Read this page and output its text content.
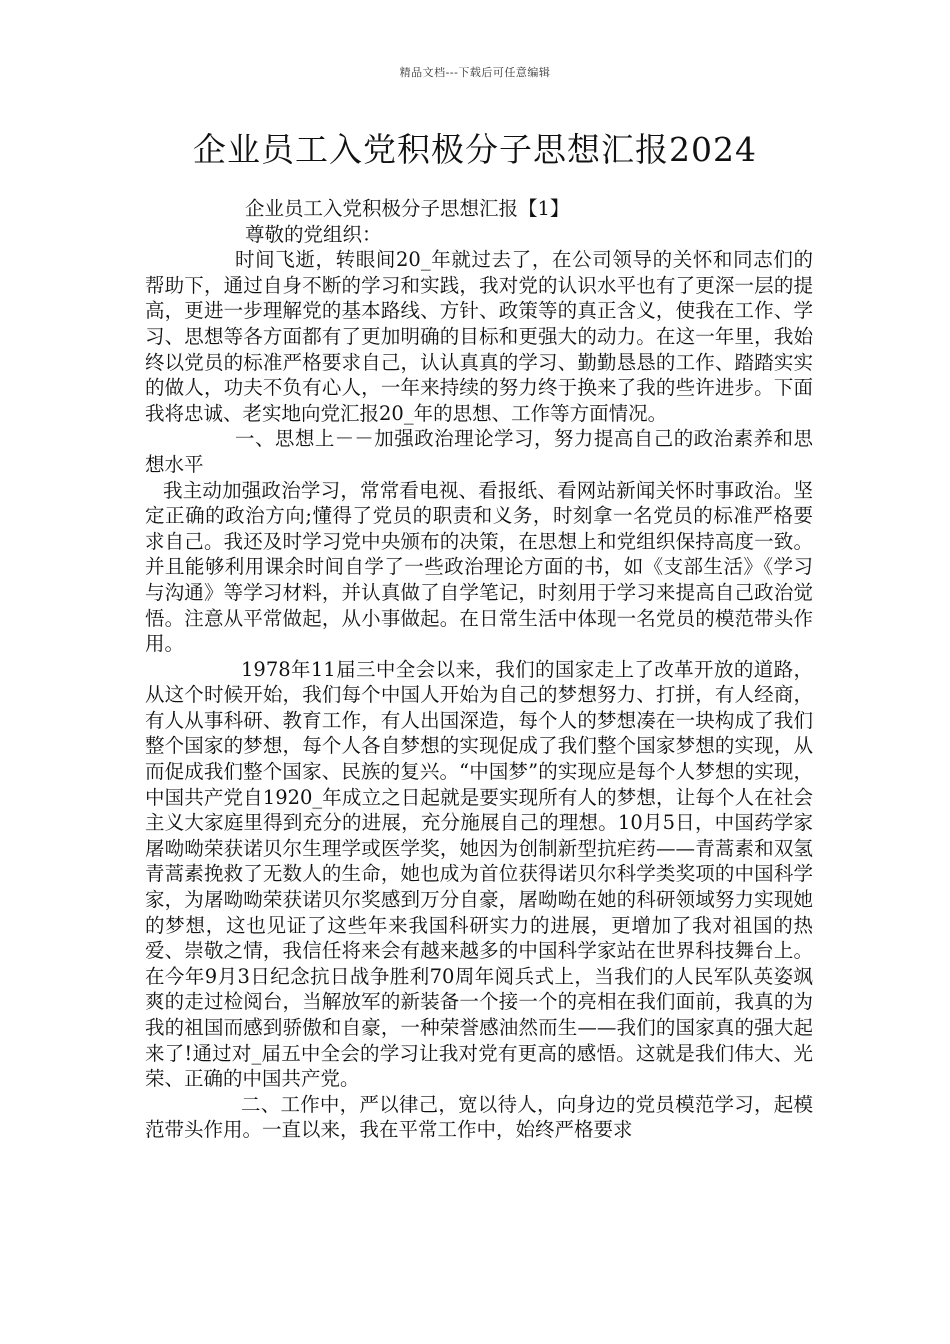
精品文档---下载后可任意编辑
企业员工入党积极分子思想汇报2024

企业员工入党积极分子思想汇报【1】

尊敬的党组织：

时间飞逝，转眼间20_年就过去了，在公司领导的关怀和同志们的帮助下，通过自身不断的学习和实践，我对党的认识水平也有了更深一层的提高，更进一步理解党的基本路线、方针、政策等的真正含义，使我在工作、学习、思想等各方面都有了更加明确的目标和更强大的动力。在这一年里，我始终以党员的标准严格要求自己，认认真真的学习、勤勤恳恳的工作、踏踏实实的做人，功夫不负有心人，一年来持续的努力终于换来了我的些许进步。下面我将忠诚、老实地向党汇报20_年的思想、工作等方面情况。

一、思想上－－加强政治理论学习，努力提高自己的政治素养和思想水平

我主动加强政治学习，常常看电视、看报纸、看网站新闻关怀时事政治。坚定正确的政治方向;懂得了党员的职责和义务，时刻拿一名党员的标准严格要求自己。我还及时学习党中央颁布的决策，在思想上和党组织保持高度一致。并且能够利用课余时间自学了一些政治理论方面的书，如《支部生活》《学习与沟通》等学习材料，并认真做了自学笔记，时刻用于学习来提高自己政治觉悟。注意从平常做起，从小事做起。在日常生活中体现一名党员的模范带头作用。

1978年11届三中全会以来，我们的国家走上了改革开放的道路，从这个时候开始，我们每个中国人开始为自己的梦想努力、打拼，有人经商，有人从事科研、教育工作，有人出国深造，每个人的梦想凑在一块构成了我们整个国家的梦想，每个人各自梦想的实现促成了我们整个国家梦想的实现，从而促成我们整个国家、民族的复兴。“中国梦”的实现应是每个人梦想的实现，中国共产党自1920_年成立之日起就是要实现所有人的梦想，让每个人在社会主义大家庭里得到充分的进展，充分施展自己的理想。10月5日，中国药学家屠呦呦荣获诺贝尔生理学或医学奖，她因为创制新型抗疟药——青蒿素和双氢青蒿素挽救了无数人的生命，她也成为首位获得诺贝尔科学类奖项的中国科学家，为屠呦呦荣获诺贝尔奖感到万分自豪，屠呦呦在她的科研领域努力实现她的梦想，这也见证了这些年来我国科研实力的进展，更增加了我对祖国的热爱、崇敬之情，我信任将来会有越来越多的中国科学家站在世界科技舞台上。在今年9月3日纪念抗日战争胜利70周年阅兵式上，当我们的人民军队英姿飒爽的走过检阅台，当解放军的新装备一个接一个的亮相在我们面前，我真的为我的祖国而感到骄傲和自豪，一种荣誉感油然而生——我们的国家真的强大起来了!通过对_届五中全会的学习让我对党有更高的感悟。这就是我们伟大、光荣、正确的中国共产党。

二、工作中，严以律己，宽以待人，向身边的党员模范学习，起模范带头作用。一直以来，我在平常工作中，始终严格要求
